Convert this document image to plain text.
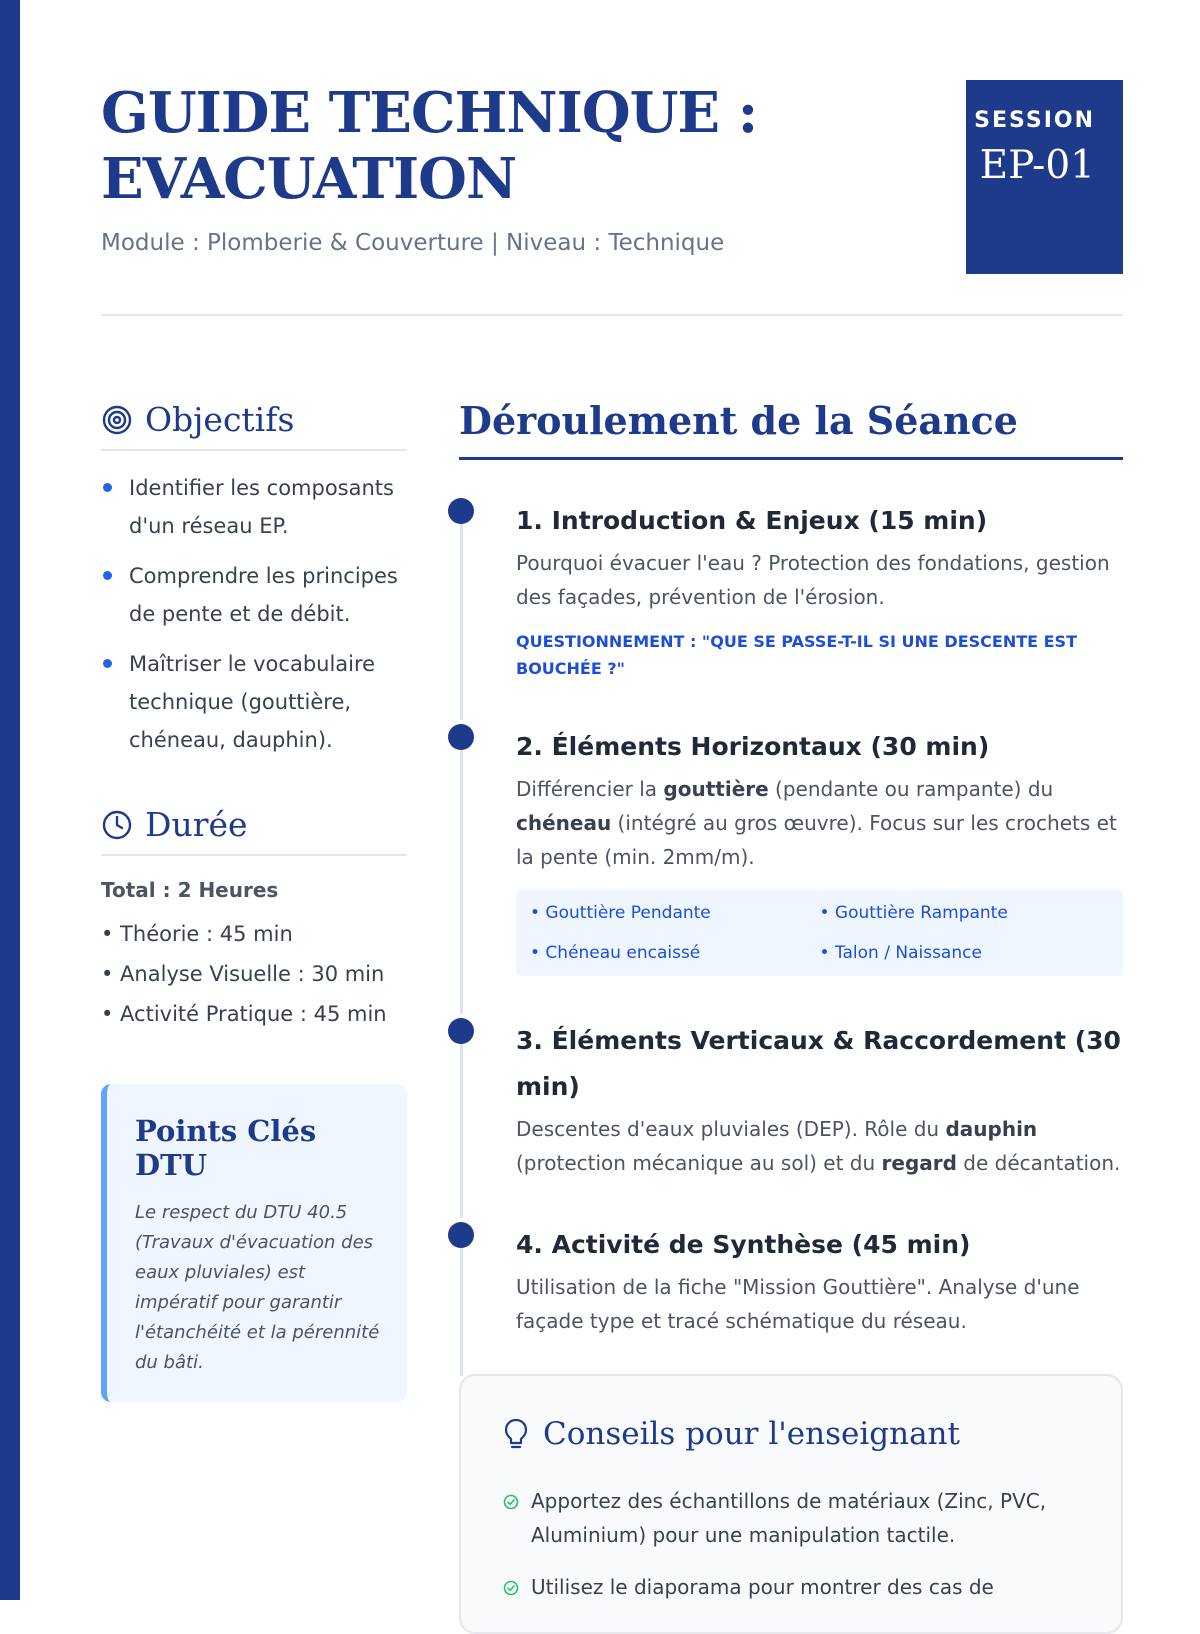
GUIDE TECHNIQUE : EVACUATION
Module : Plomberie & Couverture | Niveau : Technique
SESSION
EP-01
Objectifs
Identifier les composants d'un réseau EP.
Comprendre les principes de pente et de débit.
Maîtriser le vocabulaire technique (gouttière, chéneau, dauphin).
Durée
Total : 2 Heures
• Théorie : 45 min
• Analyse Visuelle : 30 min
• Activité Pratique : 45 min
Points Clés DTU
Le respect du DTU 40.5 (Travaux d'évacuation des eaux pluviales) est impératif pour garantir l'étanchéité et la pérennité du bâti.
Déroulement de la Séance
1. Introduction & Enjeux (15 min)
Pourquoi évacuer l'eau ? Protection des fondations, gestion des façades, prévention de l'érosion.
QUESTIONNEMENT : "QUE SE PASSE-T-IL SI UNE DESCENTE EST BOUCHÉE ?"
2. Éléments Horizontaux (30 min)
Différencier la gouttière (pendante ou rampante) du chéneau (intégré au gros œuvre). Focus sur les crochets et la pente (min. 2mm/m).
• Gouttière Pendante	• Gouttière Rampante
• Chéneau encaissé	• Talon / Naissance
3. Éléments Verticaux & Raccordement (30 min)
Descentes d'eaux pluviales (DEP). Rôle du dauphin (protection mécanique au sol) et du regard de décantation.
4. Activité de Synthèse (45 min)
Utilisation de la fiche "Mission Gouttière". Analyse d'une façade type et tracé schématique du réseau.
Conseils pour l'enseignant
Apportez des échantillons de matériaux (Zinc, PVC, Aluminium) pour une manipulation tactile.
Utilisez le diaporama pour montrer des cas de
